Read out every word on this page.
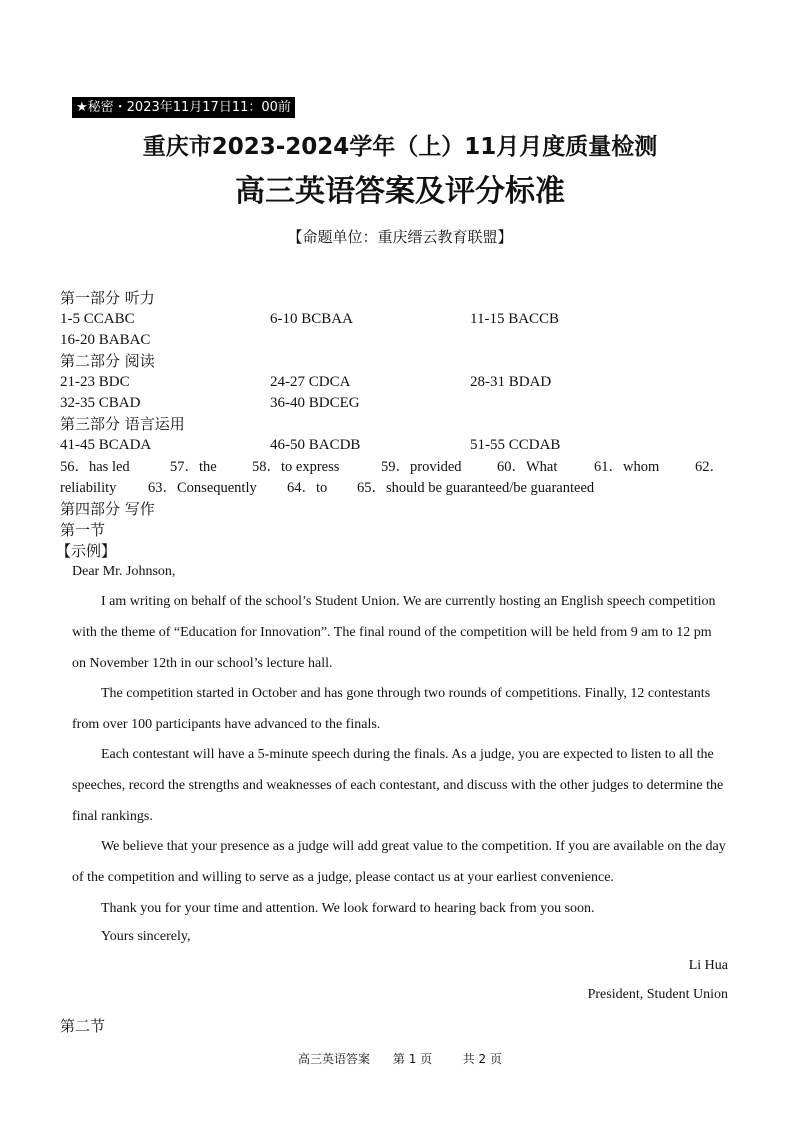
★秘密・2023年11月17日11：00前
重庆市2023-2024学年（上）11月月度质量检测
高三英语答案及评分标准
【命题单位：重庆缙云教育联盟】
第一部分 听力
1-5 CCABC	6-10 BCBAA	11-15 BACCB
16-20 BABAC
第二部分 阅读
21-23 BDC	24-27 CDCA	28-31 BDAD
32-35 CBAD	36-40 BDCEG
第三部分 语言运用
41-45 BCADA	46-50 BACDB	51-55 CCDAB
56．has led	57．the 58．to express	59．provided 60．What	61．whom 62．
reliability 63．Consequently 64．to 65．should be guaranteed/be guaranteed
第四部分 写作
第一节
【示例】
Dear Mr. Johnson,

I am writing on behalf of the school’s Student Union. We are currently hosting an English speech competition with the theme of “Education for Innovation”. The final round of the competition will be held from 9 am to 12 pm on November 12th in our school’s lecture hall.

The competition started in October and has gone through two rounds of competitions. Finally, 12 contestants from over 100 participants have advanced to the finals.

Each contestant will have a 5-minute speech during the finals. As a judge, you are expected to listen to all the speeches, record the strengths and weaknesses of each contestant, and discuss with the other judges to determine the final rankings.

We believe that your presence as a judge will add great value to the competition. If you are available on the day of the competition and willing to serve as a judge, please contact us at your earliest convenience.

Thank you for your time and attention. We look forward to hearing back from you soon.

Yours sincerely,
Li Hua
President, Student Union
第二节
高三英语答案 第 1 页	共 2 页
